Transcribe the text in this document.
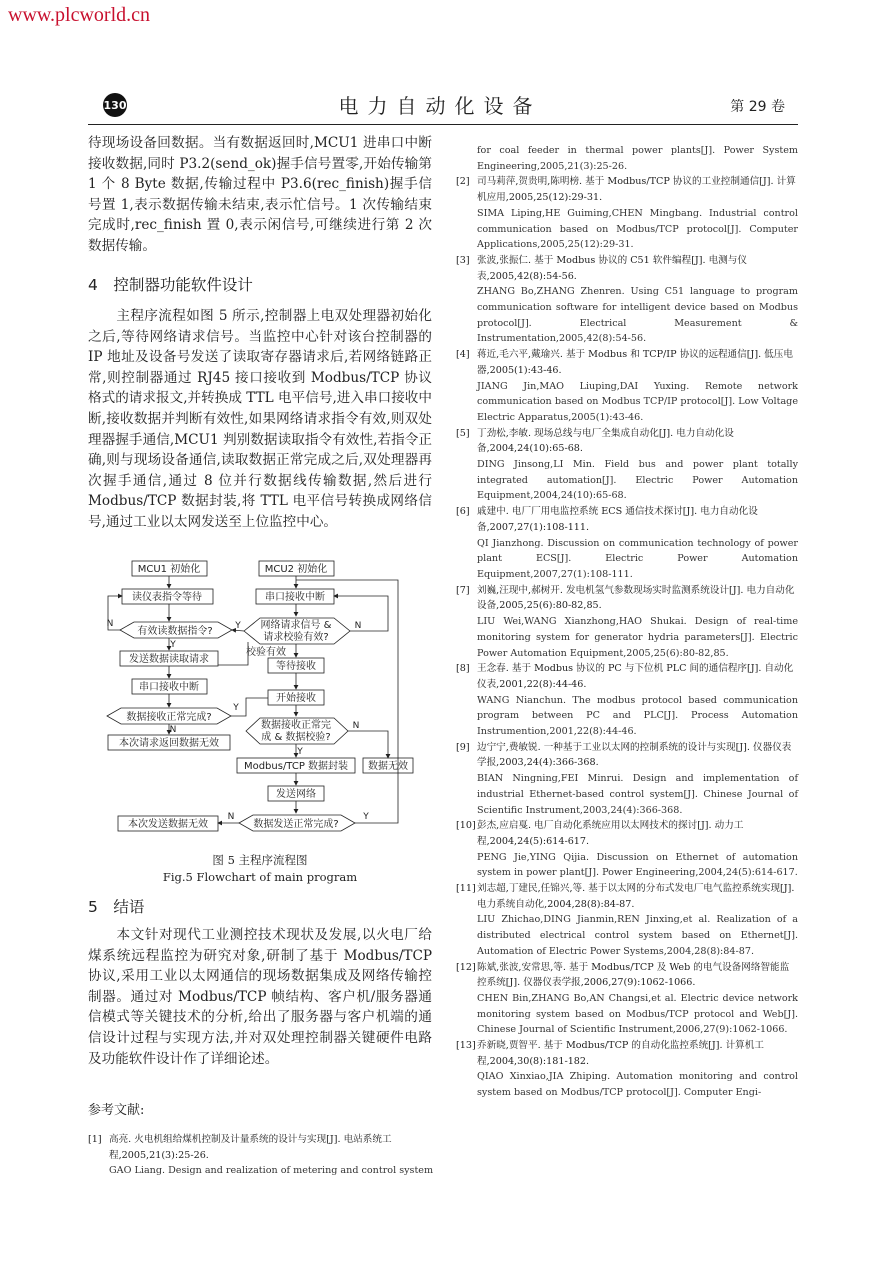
www.plcworld.cn
130	电力自动化设备	第 29 卷
待现场设备回数据。当有数据返回时,MCU1 进串口中断接收数据,同时 P3.2(send_ok)握手信号置零,开始传输第 1 个 8 Byte 数据,传输过程中 P3.6(rec_finish)握手信号置 1,表示数据传输未结束,表示忙信号。1 次传输结束完成时,rec_finish 置 0,表示闲信号,可继续进行第 2 次数据传输。
4　控制器功能软件设计
主程序流程如图 5 所示,控制器上电双处理器初始化之后,等待网络请求信号。当监控中心针对该台控制器的 IP 地址及设备号发送了读取寄存器请求后,若网络链路正常,则控制器通过 RJ45 接口接收到 Modbus/TCP 协议格式的请求报文,并转换成 TTL 电平信号,进入串口接收中断,接收数据并判断有效性,如果网络请求指令有效,则双处理器握手通信,MCU1 判别数据读取指令有效性,若指令正确,则与现场设备通信,读取数据正常完成之后,双处理器再次握手通信,通过 8 位并行数据线传输数据,然后进行 Modbus/TCP 数据封装,将 TTL 电平信号转换成网络信号,通过工业以太网发送至上位监控中心。
MCU1 初始化	MCU2 初始化
读仪表指令等待	串口接收中断
网络请求信号 &
请求校验有效?
有效读数据指令?
发送数据读取请求
校验有效
等待接收
串口接收中断
开始接收
数据接收正常完成?
数据接收正常完
成 & 数据校验?
本次请求返回数据无效
Modbus/TCP 数据封装 数据无效
发送网络
数据发送正常完成?
本次发送数据无效
N	Y	N
Y
Y
N	N
Y
N	Y
图 5 主程序流程图
Fig.5 Flowchart of main program
5　结语
本文针对现代工业测控技术现状及发展,以火电厂给煤系统远程监控为研究对象,研制了基于 Modbus/TCP 协议,采用工业以太网通信的现场数据集成及网络传输控制器。通过对 Modbus/TCP 帧结构、客户机/服务器通信模式等关键技术的分析,给出了服务器与客户机端的通信设计过程与实现方法,并对双处理控制器关键硬件电路及功能软件设计作了详细论述。
参考文献:
[1] 高亮. 火电机组给煤机控制及计量系统的设计与实现[J]. 电站系统工程,2005,21(3):25-26.
GAO Liang. Design and realization of metering and control system
for coal feeder in thermal power plants[J]. Power System Engineering,2005,21(3):25-26.
[2] 司马莉萍,贺贵明,陈明榜. 基于 Modbus/TCP 协议的工业控制通信[J]. 计算机应用,2005,25(12):29-31.
SIMA Liping,HE Guiming,CHEN Mingbang. Industrial control communication based on Modbus/TCP protocol[J]. Computer Applications,2005,25(12):29-31.
[3] 张波,张振仁. 基于 Modbus 协议的 C51 软件编程[J]. 电测与仪表,2005,42(8):54-56.
ZHANG Bo,ZHANG Zhenren. Using C51 language to program communication software for intelligent device based on Modbus protocol[J]. Electrical Measurement & Instrumentation,2005,42(8):54-56.
[4] 蒋近,毛六平,戴瑜兴. 基于 Modbus 和 TCP/IP 协议的远程通信[J]. 低压电器,2005(1):43-46.
JIANG Jin,MAO Liuping,DAI Yuxing. Remote network communication based on Modbus TCP/IP protocol[J]. Low Voltage Electric Apparatus,2005(1):43-46.
[5] 丁劲松,李敏. 现场总线与电厂全集成自动化[J]. 电力自动化设备,2004,24(10):65-68.
DING Jinsong,LI Min. Field bus and power plant totally integrated automation[J]. Electric Power Automation Equipment,2004,24(10):65-68.
[6] 戚建中. 电厂厂用电监控系统 ECS 通信技术探讨[J]. 电力自动化设备,2007,27(1):108-111.
QI Jianzhong. Discussion on communication technology of power plant ECS[J]. Electric Power Automation Equipment,2007,27(1):108-111.
[7] 刘巍,汪现中,郝树开. 发电机氢气参数现场实时监测系统设计[J]. 电力自动化设备,2005,25(6):80-82,85.
LIU Wei,WANG Xianzhong,HAO Shukai. Design of real-time monitoring system for generator hydria parameters[J]. Electric Power Automation Equipment,2005,25(6):80-82,85.
[8] 王念春. 基于 Modbus 协议的 PC 与下位机 PLC 间的通信程序[J]. 自动化仪表,2001,22(8):44-46.
WANG Nianchun. The modbus protocol based communication program between PC and PLC[J]. Process Automation Instrumention,2001,22(8):44-46.
[9] 边宁宁,费敏锐. 一种基于工业以太网的控制系统的设计与实现[J]. 仪器仪表学报,2003,24(4):366-368.
BIAN Ningning,FEI Minrui. Design and implementation of industrial Ethernet-based control system[J]. Chinese Journal of Scientific Instrument,2003,24(4):366-368.
[10] 彭杰,应启戛. 电厂自动化系统应用以太网技术的探讨[J]. 动力工程,2004,24(5):614-617.
PENG Jie,YING Qijia. Discussion on Ethernet of automation system in power plant[J]. Power Engineering,2004,24(5):614-617.
[11] 刘志超,丁建民,任锦兴,等. 基于以太网的分布式发电厂电气监控系统实现[J]. 电力系统自动化,2004,28(8):84-87.
LIU Zhichao,DING Jianmin,REN Jinxing,et al. Realization of a distributed electrical control system based on Ethernet[J]. Automation of Electric Power Systems,2004,28(8):84-87.
[12] 陈斌,张波,安常思,等. 基于 Modbus/TCP 及 Web 的电气设备网络智能监控系统[J]. 仪器仪表学报,2006,27(9):1062-1066.
CHEN Bin,ZHANG Bo,AN Changsi,et al. Electric device network monitoring system based on Modbus/TCP protocol and Web[J]. Chinese Journal of Scientific Instrument,2006,27(9):1062-1066.
[13] 乔新晓,贾智平. 基于 Modbus/TCP 的自动化监控系统[J]. 计算机工程,2004,30(8):181-182.
QIAO Xinxiao,JIA Zhiping. Automation monitoring and control system based on Modbus/TCP protocol[J]. Computer Engi-
